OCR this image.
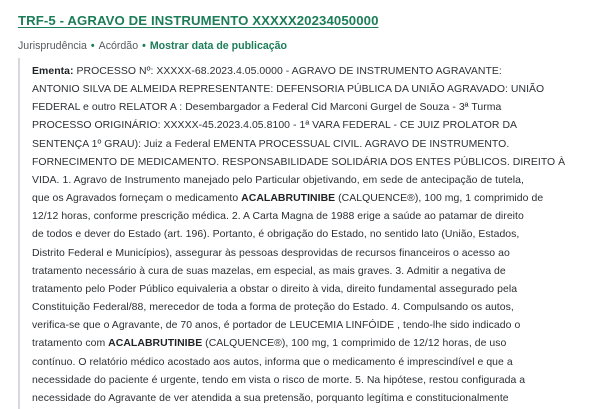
TRF-5 - AGRAVO DE INSTRUMENTO XXXXX20234050000
Jurisprudência • Acórdão • Mostrar data de publicação

Ementa: PROCESSO Nº: XXXXX-68.2023.4.05.0000 - AGRAVO DE INSTRUMENTO AGRAVANTE:
ANTONIO SILVA DE ALMEIDA REPRESENTANTE: DEFENSORIA PÚBLICA DA UNIÃO AGRAVADO: UNIÃO
FEDERAL e outro RELATOR A : Desembargador a Federal Cid Marconi Gurgel de Souza - 3ª Turma
PROCESSO ORIGINÁRIO: XXXXX-45.2023.4.05.8100 - 1ª VARA FEDERAL - CE JUIZ PROLATOR DA
SENTENÇA 1º GRAU): Juiz a Federal EMENTA PROCESSUAL CIVIL. AGRAVO DE INSTRUMENTO.
FORNECIMENTO DE MEDICAMENTO. RESPONSABILIDADE SOLIDÁRIA DOS ENTES PÚBLICOS. DIREITO À
VIDA. 1. Agravo de Instrumento manejado pelo Particular objetivando, em sede de antecipação de tutela,
que os Agravados forneçam o medicamento ACALABRUTINIBE (CALQUENCE®), 100 mg, 1 comprimido de
12/12 horas, conforme prescrição médica. 2. A Carta Magna de 1988 erige a saúde ao patamar de direito
de todos e dever do Estado (art. 196). Portanto, é obrigação do Estado, no sentido lato (União, Estados,
Distrito Federal e Municípios), assegurar às pessoas desprovidas de recursos financeiros o acesso ao
tratamento necessário à cura de suas mazelas, em especial, as mais graves. 3. Admitir a negativa de
tratamento pelo Poder Público equivaleria a obstar o direito à vida, direito fundamental assegurado pela
Constituição Federal/88, merecedor de toda a forma de proteção do Estado. 4. Compulsando os autos,
verifica-se que o Agravante, de 70 anos, é portador de LEUCEMIA LINFÓIDE , tendo-lhe sido indicado o
tratamento com ACALABRUTINIBE (CALQUENCE®), 100 mg, 1 comprimido de 12/12 horas, de uso
contínuo. O relatório médico acostado aos autos, informa que o medicamento é imprescindível e que a
necessidade do paciente é urgente, tendo em vista o risco de morte. 5. Na hipótese, restou configurada a
necessidade do Agravante de ver atendida a sua pretensão, porquanto legítima e constitucionalmente
